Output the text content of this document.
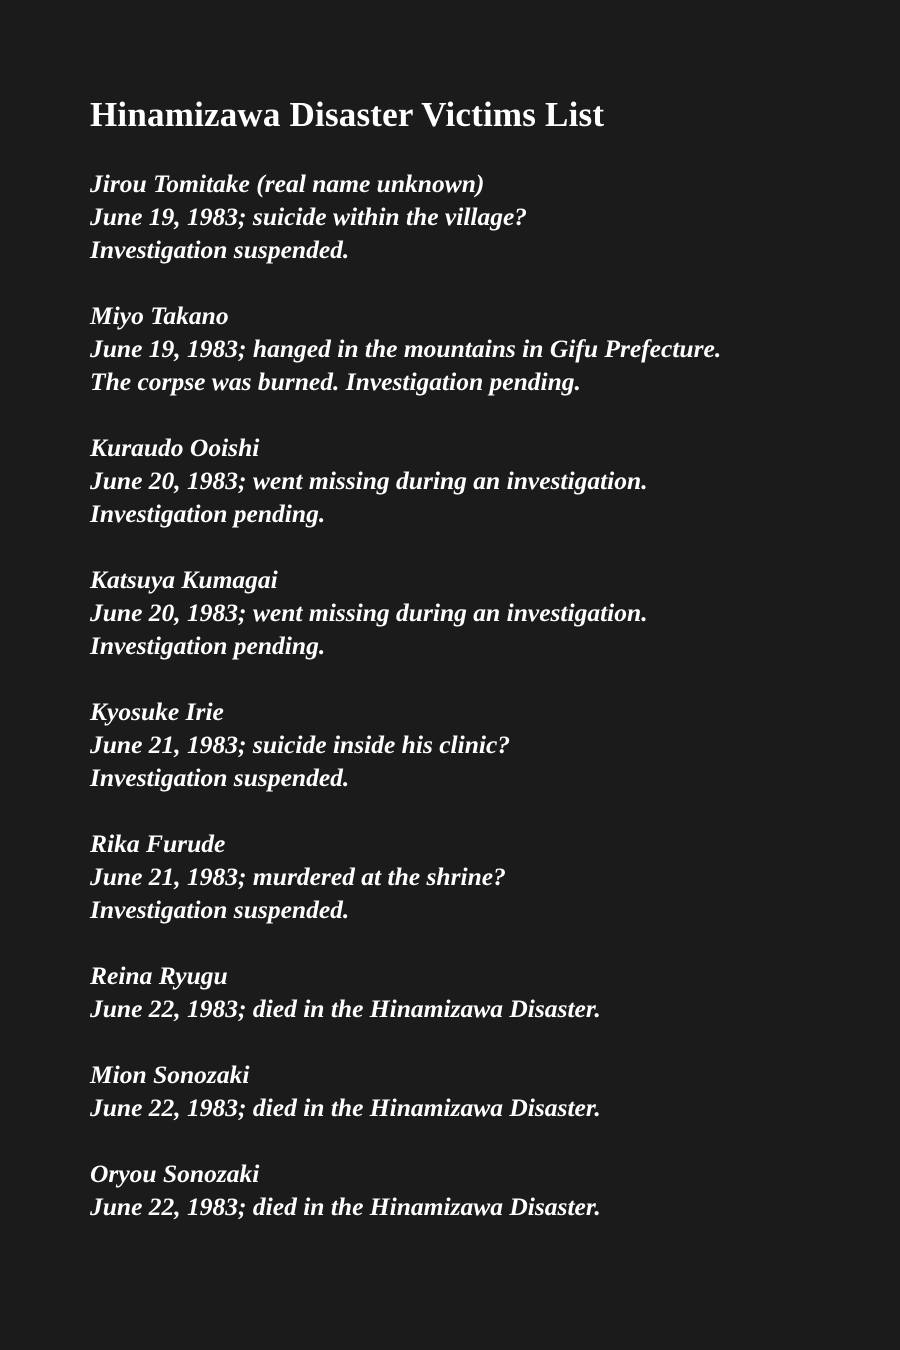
Hinamizawa Disaster Victims List
Jirou Tomitake (real name unknown)
June 19, 1983; suicide within the village?
Investigation suspended.
Miyo Takano
June 19, 1983; hanged in the mountains in Gifu Prefecture.
The corpse was burned. Investigation pending.
Kuraudo Ooishi
June 20, 1983; went missing during an investigation.
Investigation pending.
Katsuya Kumagai
June 20, 1983; went missing during an investigation.
Investigation pending.
Kyosuke Irie
June 21, 1983; suicide inside his clinic?
Investigation suspended.
Rika Furude
June 21, 1983; murdered at the shrine?
Investigation suspended.
Reina Ryugu
June 22, 1983; died in the Hinamizawa Disaster.
Mion Sonozaki
June 22, 1983; died in the Hinamizawa Disaster.
Oryou Sonozaki
June 22, 1983; died in the Hinamizawa Disaster.
